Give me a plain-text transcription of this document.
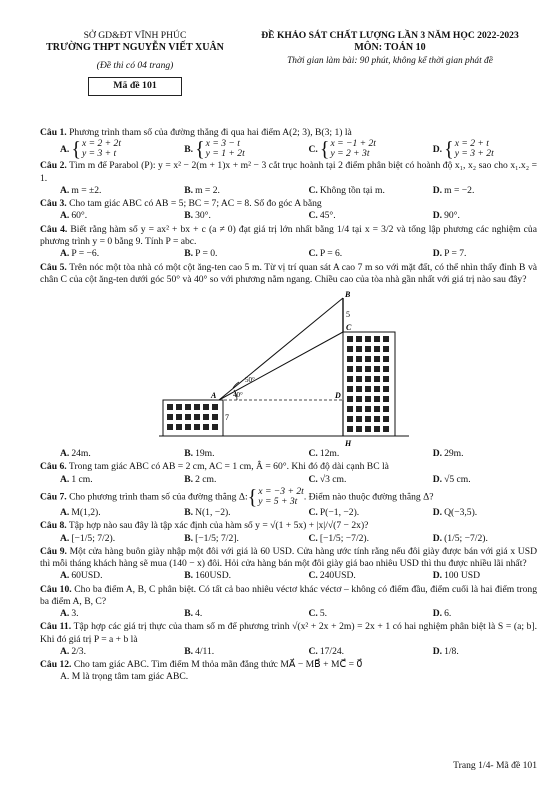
SỞ GD&ĐT VĨNH PHÚC
TRƯỜNG THPT NGUYỄN VIẾT XUÂN
(Đề thi có 04 trang)
Mã đề 101
ĐỀ KHẢO SÁT CHẤT LƯỢNG LẦN 3 NĂM HỌC 2022-2023
MÔN: TOÁN 10
Thời gian làm bài: 90 phút, không kể thời gian phát đề

Câu 1. Phương trình tham số của đường thẳng đi qua hai điểm A(2; 3), B(3; 1) là

A. { x = 2 + 2t
y = 3 + t	B. { x = 3 − t
y = 1 + 2t	C. { x = −1 + 2t
y = 2 + 3t	D. { x = 2 + t
y = 3 + 2t

Câu 2. Tìm m để Parabol (P): y = x² − 2(m + 1)x + m² − 3 cắt trục hoành tại 2 điểm phân biệt có hoành độ x₁, x₂ sao cho x₁.x₂ = 1.

A. m = ±2.	B. m = 2.	C. Không tồn tại m.	D. m = −2.

Câu 3. Cho tam giác ABC có AB = 5; BC = 7; AC = 8. Số đo góc A bằng

A. 60°.	B. 30°.	C. 45°.	D. 90°.

Câu 4. Biết rằng hàm số y = ax² + bx + c (a ≠ 0) đạt giá trị lớn nhất bằng 1/4 tại x = 3/2 và tổng lập phương các nghiệm của phương trình y = 0 bằng 9. Tính P = abc.

A. P = −6.	B. P = 0.	C. P = 6.	D. P = 7.

Câu 5. Trên nóc một tòa nhà có một cột ăng-ten cao 5 m. Từ vị trí quan sát A cao 7 m so với mặt đất, có thể nhìn thấy đỉnh B và chân C của cột ăng-ten dưới góc 50° và 40° so với phương nằm ngang. Chiều cao của tòa nhà gần nhất với giá trị nào sau đây?

B
5
C
A	D
H
7
40°
50°
A. 24m.	B. 19m.	C. 12m.	D. 29m.

Câu 6. Trong tam giác ABC có AB = 2 cm, AC = 1 cm, Â = 60°. Khi đó độ dài cạnh BC là

A. 1 cm.	B. 2 cm.	C. √3 cm.	D. √5 cm.

Câu 7. Cho phương trình tham số của đường thẳng Δ: { x = −3 + 2t
y = 5 + 3t . Điểm nào thuộc đường thẳng Δ?

A. M(1,2).	B. N(1, −2).	C. P(−1, −2).	D. Q(−3,5).

Câu 8. Tập hợp nào sau đây là tập xác định của hàm số y = √(1 + 5x) + |x|/√(7 − 2x)?

A. [−1/5; 7/2).	B. [−1/5; 7/2].	C. [−1/5; −7/2).	D. (1/5; −7/2).

Câu 9. Một cửa hàng buôn giày nhập một đôi với giá là 60 USD. Cửa hàng ước tính rằng nếu đôi giày được bán với giá x USD thì mỗi tháng khách hàng sẽ mua (140 − x) đôi. Hỏi cửa hàng bán một đôi giày giá bao nhiêu USD thì thu được nhiều lãi nhất?

A. 60USD.	B. 160USD.	C. 240USD.	D. 100 USD

Câu 10. Cho ba điểm A, B, C phân biệt. Có tất cả bao nhiêu véctơ khác véctơ – không có điểm đầu, điểm cuối là hai điểm trong ba điểm A, B, C?

A. 3.	B. 4.	C. 5.	D. 6.

Câu 11. Tập hợp các giá trị thực của tham số m để phương trình √(x² + 2x + 2m) = 2x + 1 có hai nghiệm phân biệt là S = (a; b]. Khi đó giá trị P = a + b là

A. 2/3.	B. 4/11.	C. 17/24.	D. 1/8.

Câu 12. Cho tam giác ABC. Tìm điểm M thỏa mãn đẳng thức MA⃗ − MB⃗ + MC⃗ = 0⃗

A. M là trọng tâm tam giác ABC.

Trang 1/4- Mã đề 101
